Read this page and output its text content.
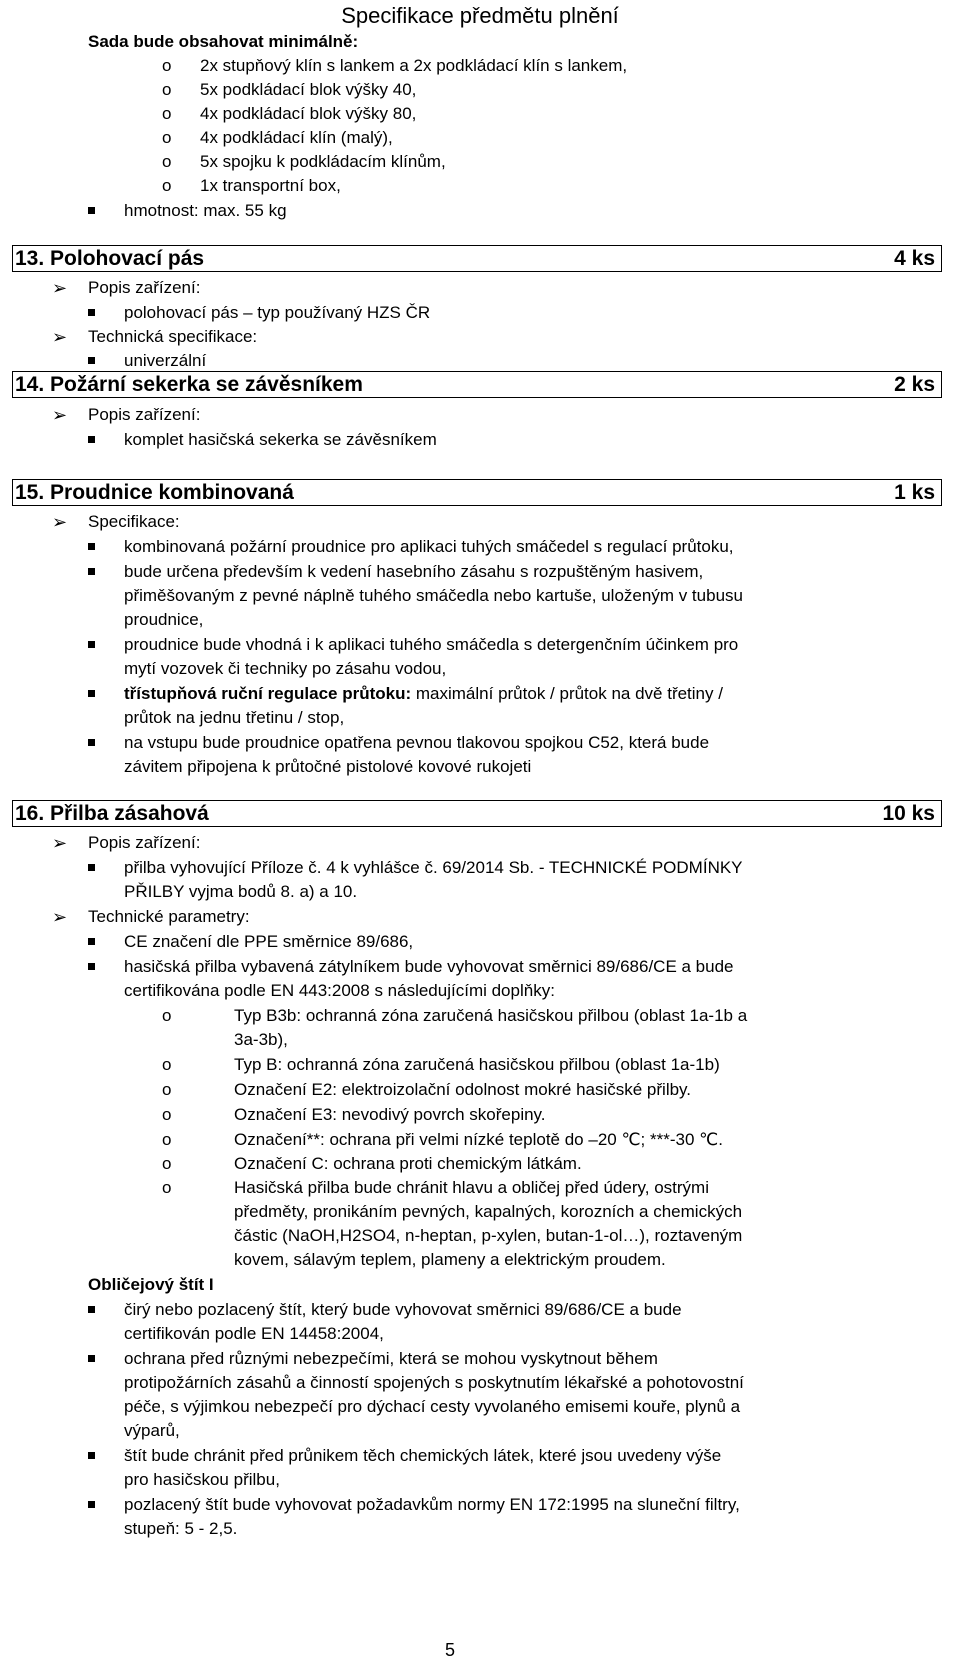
Specifikace předmětu plnění
Sada bude obsahovat minimálně:
o 2x stupňový klín s lankem a 2x podkládací klín s lankem,
o 5x podkládací blok výšky 40,
o 4x podkládací blok výšky 80,
o 4x podkládací klín (malý),
o 5x spojku k podkládacím klínům,
o 1x transportní box,
hmotnost: max. 55 kg
13. Polohovací pás	4 ks
➢ Popis zařízení:
polohovací pás – typ používaný HZS ČR
➢ Technická specifikace:
univerzální
14. Požární sekerka se závěsníkem	2 ks
➢ Popis zařízení:
komplet hasičská sekerka se závěsníkem
15. Proudnice kombinovaná	1 ks
➢ Specifikace:
kombinovaná požární proudnice pro aplikaci tuhých smáčedel s regulací průtoku,
bude určena především k vedení hasebního zásahu s rozpuštěným hasivem,
přiměšovaným z pevné náplně tuhého smáčedla nebo kartuše, uloženým v tubusu
proudnice,
proudnice bude vhodná i k aplikaci tuhého smáčedla s detergenčním účinkem pro
mytí vozovek či techniky po zásahu vodou,
třístupňová ruční regulace průtoku: maximální průtok / průtok na dvě třetiny /
průtok na jednu třetinu / stop,
na vstupu bude proudnice opatřena pevnou tlakovou spojkou C52, která bude
závitem připojena k průtočné pistolové kovové rukojeti
16. Přilba zásahová	10 ks
➢ Popis zařízení:
přilba vyhovující Příloze č. 4 k vyhlášce č. 69/2014 Sb. - TECHNICKÉ PODMÍNKY
PŘILBY vyjma bodů 8. a) a 10.
➢ Technické parametry:
CE značení dle PPE směrnice 89/686,
hasičská přilba vybavená zátylníkem bude vyhovovat směrnici 89/686/CE a bude
certifikována podle EN 443:2008 s následujícími doplňky:
o	Typ B3b: ochranná zóna zaručená hasičskou přilbou (oblast 1a-1b a
3a-3b),
o	Typ B: ochranná zóna zaručená hasičskou přilbou (oblast 1a-1b)
o	Označení E2: elektroizolační odolnost mokré hasičské přilby.
o	Označení E3: nevodivý povrch skořepiny.
o	Označení**: ochrana při velmi nízké teplotě do –20 ℃; ***-30 ℃.
o	Označení C: ochrana proti chemickým látkám.
o	Hasičská přilba bude chránit hlavu a obličej před údery, ostrými
předměty, pronikáním pevných, kapalných, korozních a chemických
částic (NaOH,H2SO4, n-heptan, p-xylen, butan-1-ol…), roztaveným
kovem, sálavým teplem, plameny a elektrickým proudem.
Obličejový štít I
čirý nebo pozlacený štít, který bude vyhovovat směrnici 89/686/CE a bude
certifikován podle EN 14458:2004,
ochrana před různými nebezpečími, která se mohou vyskytnout během
protipožárních zásahů a činností spojených s poskytnutím lékařské a pohotovostní
péče, s výjimkou nebezpečí pro dýchací cesty vyvolaného emisemi kouře, plynů a
výparů,
štít bude chránit před průnikem těch chemických látek, které jsou uvedeny výše
pro hasičskou přilbu,
pozlacený štít bude vyhovovat požadavkům normy EN 172:1995 na sluneční filtry,
stupeň: 5 - 2,5.
5
